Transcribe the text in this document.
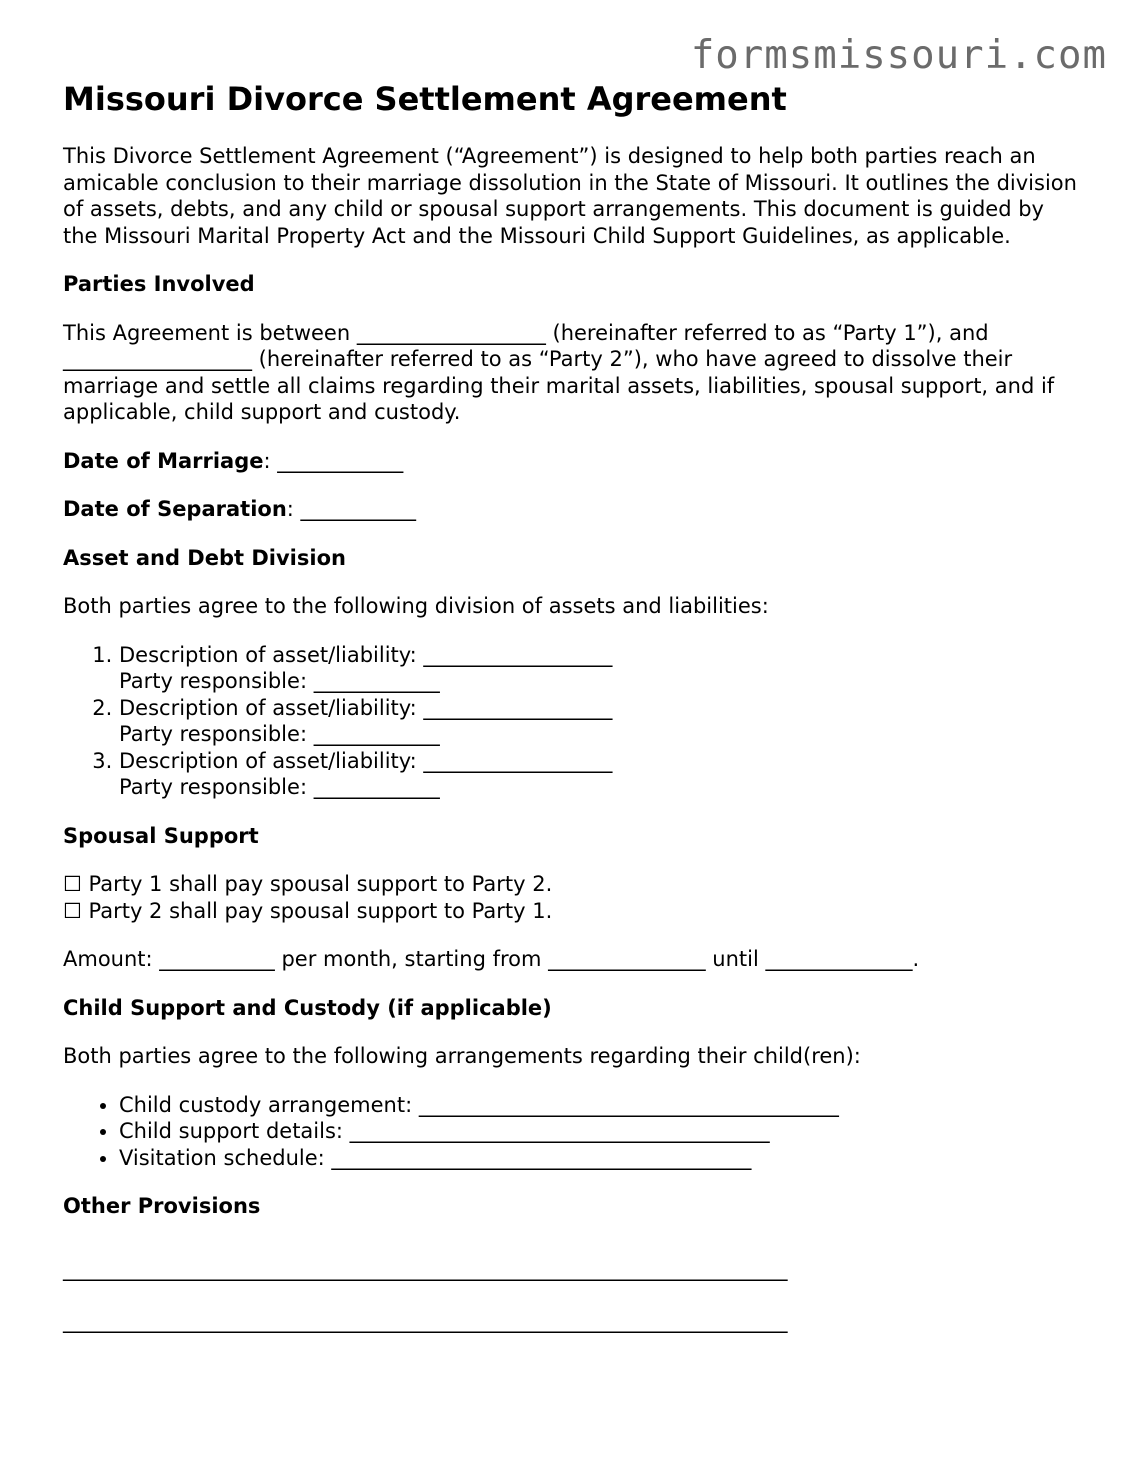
formsmissouri.com
Missouri Divorce Settlement Agreement

This Divorce Settlement Agreement (“Agreement”) is designed to help both parties reach an amicable conclusion to their marriage dissolution in the State of Missouri. It outlines the division of assets, debts, and any child or spousal support arrangements. This document is guided by the Missouri Marital Property Act and the Missouri Child Support Guidelines, as applicable.

Parties Involved

This Agreement is between __________________ (hereinafter referred to as “Party 1”), and __________________ (hereinafter referred to as “Party 2”), who have agreed to dissolve their marriage and settle all claims regarding their marital assets, liabilities, spousal support, and if applicable, child support and custody.

Date of Marriage: ____________
Date of Separation: ___________
Asset and Debt Division

Both parties agree to the following division of assets and liabilities:

1. Description of asset/liability: __________________
Party responsible: ____________
2. Description of asset/liability: __________________
Party responsible: ____________
3. Description of asset/liability: __________________
Party responsible: ____________
Spousal Support

☐ Party 1 shall pay spousal support to Party 2.
☐ Party 2 shall pay spousal support to Party 1.

Amount: ___________ per month, starting from _______________ until ______________.

Child Support and Custody (if applicable)

Both parties agree to the following arrangements regarding their child(ren):

• Child custody arrangement: ________________________________________
• Child support details: ________________________________________
• Visitation schedule: ________________________________________
Other Provisions
_____________________________________________________________________
_____________________________________________________________________
